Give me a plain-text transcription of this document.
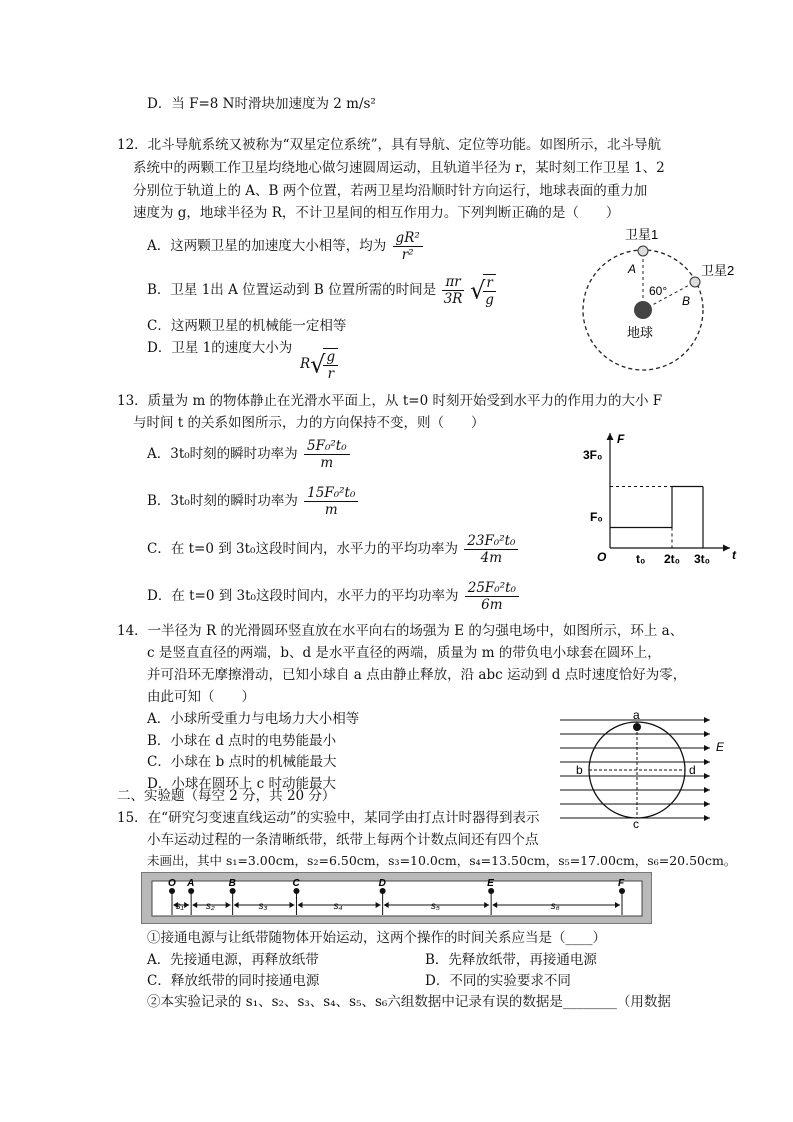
D．当 F=8 N时滑块加速度为 2 m/s²
12．北斗导航系统又被称为“双星定位系统”，具有导航、定位等功能。如图所示，北斗导航
系统中的两颗工作卫星均绕地心做匀速圆周运动，且轨道半径为 r，某时刻工作卫星 1、2
分别位于轨道上的 A、B 两个位置，若两卫星均沿顺时针方向运行，地球表面的重力加
速度为 g，地球半径为 R，不计卫星间的相互作用力。下列判断正确的是（　　）
A．这两颗卫星的加速度大小相等，均为 $\frac{\text{gR²}}{\text{r²}}$
B．卫星 1出 A 位置运动到 B 位置所需的时间是 $\frac{\pi r}{3R}$ √
$\frac{r}{g}$
C．这两颗卫星的机械能一定相等
D．卫星 1的速度大小为
R√
$\frac{g}{r}$
卫星1
卫星2
A
B
60°
地球
13．质量为 m 的物体静止在光滑水平面上，从 t=0 时刻开始受到水平力的作用力的大小 F
与时间 t 的关系如图所示，力的方向保持不变，则（　　）
A．3t₀时刻的瞬时功率为 $\frac{\text{5F₀²t₀}}{m}$
B．3t₀时刻的瞬时功率为 $\frac{\text{15F₀²t₀}}{m}$
C．在 t=0 到 3t₀这段时间内，水平力的平均功率为 $\frac{\text{23F₀²t₀}}{4m}$
D．在 t=0 到 3t₀这段时间内，水平力的平均功率为 $\frac{\text{25F₀²t₀}}{6m}$
F
t
3F₀
F₀
O t₀ 2t₀ 3t₀
14．一半径为 R 的光滑圆环竖直放在水平向右的场强为 E 的匀强电场中，如图所示，环上 a、
c 是竖直直径的两端，b、d 是水平直径的两端，质量为 m 的带负电小球套在圆环上，
并可沿环无摩擦滑动，已知小球自 a 点由静止释放，沿 abc 运动到 d 点时速度恰好为零，
由此可知（　　）
A．小球所受重力与电场力大小相等
B．小球在 d 点时的电势能最小
C．小球在 b 点时的机械能最大
D．小球在圆环上 c 时动能最大
a
b
c
d
E
二、实验题（每空 2 分，共 20 分）
15．在“研究匀变速直线运动”的实验中，某同学由打点计时器得到表示
小车运动过程的一条清晰纸带，纸带上每两个计数点间还有四个点
未画出，其中 s₁=3.00cm，s₂=6.50cm，s₃=10.0cm，s₄=13.50cm，s₅=17.00cm，s₆=20.50cm。
O A	B	C	D	E	F
s₁ s₂	s₃	s₄	s₅	s₆
①接通电源与让纸带随物体开始运动，这两个操作的时间关系应当是（____）
A．先接通电源，再释放纸带	B．先释放纸带，再接通电源
C．释放纸带的同时接通电源	D．不同的实验要求不同
②本实验记录的 s₁、s₂、s₃、s₄、s₅、s₆六组数据中记录有误的数据是________（用数据
